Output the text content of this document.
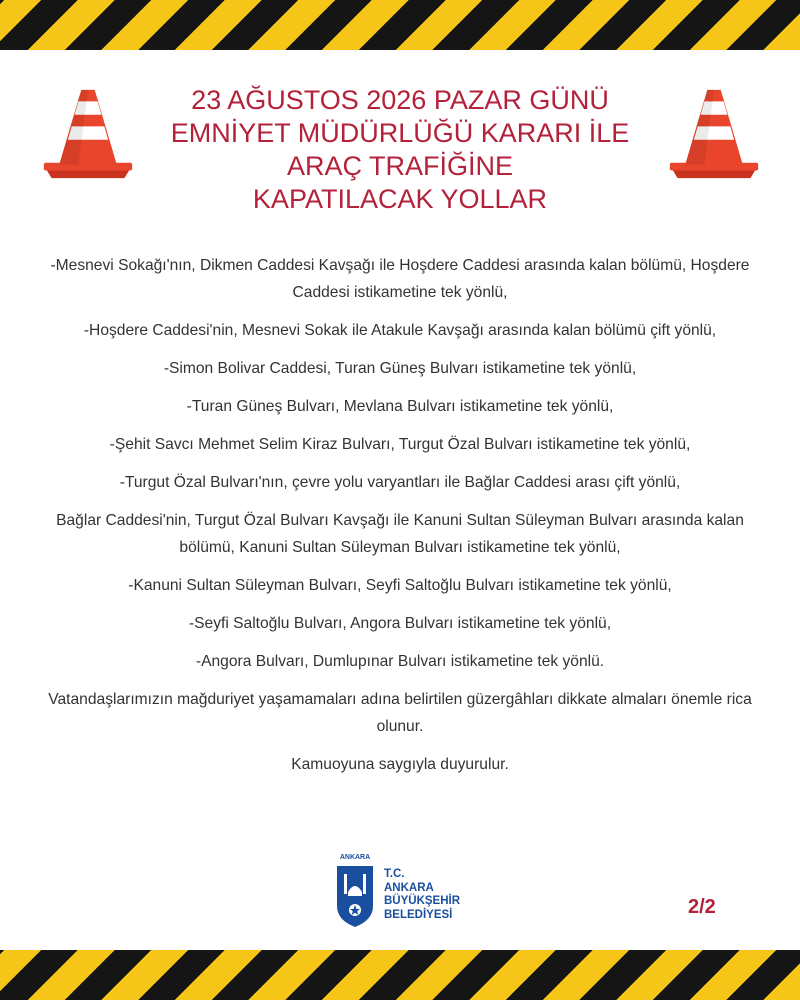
23 AĞUSTOS 2026 PAZAR GÜNÜ
EMNİYET MÜDÜRLÜĞÜ KARARI İLE
ARAÇ TRAFİĞİNE
KAPATILACAK YOLLAR

-Mesnevi Sokağı'nın, Dikmen Caddesi Kavşağı ile Hoşdere Caddesi arasında kalan bölümü, Hoşdere Caddesi istikametine tek yönlü,

-Hoşdere Caddesi'nin, Mesnevi Sokak ile Atakule Kavşağı arasında kalan bölümü çift yönlü,

-Simon Bolivar Caddesi, Turan Güneş Bulvarı istikametine tek yönlü,

-Turan Güneş Bulvarı, Mevlana Bulvarı istikametine tek yönlü,

-Şehit Savcı Mehmet Selim Kiraz Bulvarı, Turgut Özal Bulvarı istikametine tek yönlü,

-Turgut Özal Bulvarı'nın, çevre yolu varyantları ile Bağlar Caddesi arası çift yönlü,

Bağlar Caddesi'nin, Turgut Özal Bulvarı Kavşağı ile Kanuni Sultan Süleyman Bulvarı arasında kalan bölümü, Kanuni Sultan Süleyman Bulvarı istikametine tek yönlü,

-Kanuni Sultan Süleyman Bulvarı, Seyfi Saltoğlu Bulvarı istikametine tek yönlü,

-Seyfi Saltoğlu Bulvarı, Angora Bulvarı istikametine tek yönlü,

-Angora Bulvarı, Dumlupınar Bulvarı istikametine tek yönlü.

Vatandaşlarımızın mağduriyet yaşamamaları adına belirtilen güzergâhları dikkate almaları önemle rica olunur.

Kamuoyuna saygıyla duyurulur.

ANKARA
T.C.
ANKARA
BÜYÜKŞEHİR
BELEDİYESİ	2/2
